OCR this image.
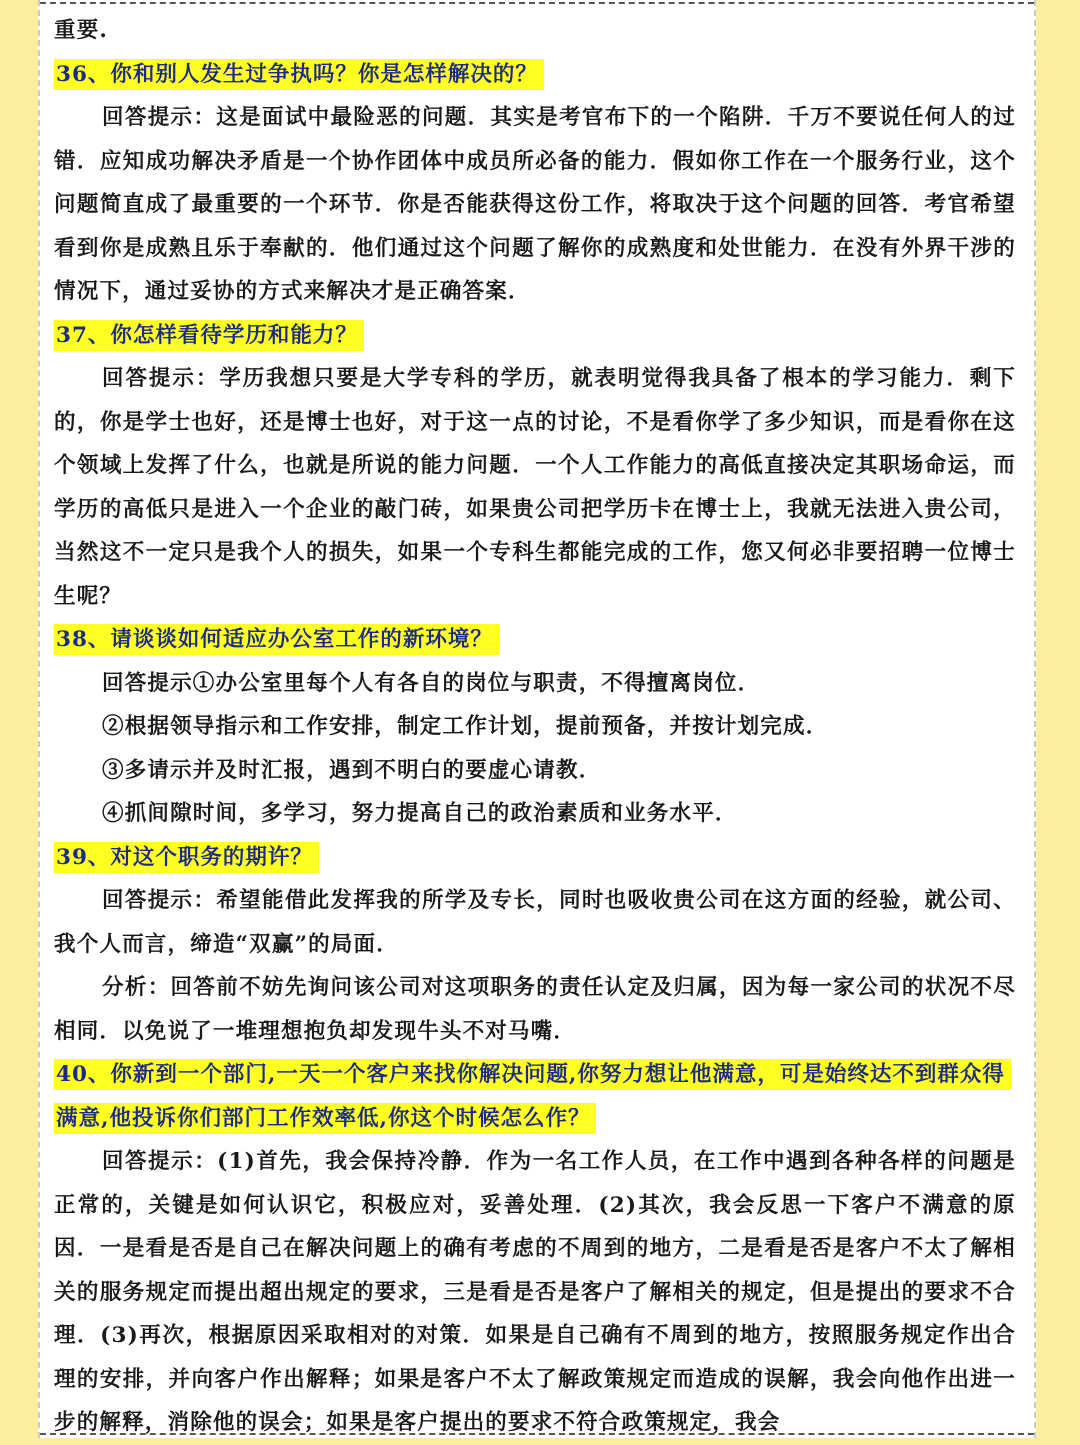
重要.

36、你和别人发生过争执吗？你是怎样解决的？

回答提示：这是面试中最险恶的问题．其实是考官布下的一个陷阱．千万不要说任何人的过错．应知成功解决矛盾是一个协作团体中成员所必备的能力．假如你工作在一个服务行业，这个问题简直成了最重要的一个环节．你是否能获得这份工作，将取决于这个问题的回答．考官希望看到你是成熟且乐于奉献的．他们通过这个问题了解你的成熟度和处世能力．在没有外界干涉的情况下，通过妥协的方式来解决才是正确答案．

37、你怎样看待学历和能力？

回答提示：学历我想只要是大学专科的学历，就表明觉得我具备了根本的学习能力．剩下的，你是学士也好，还是博士也好，对于这一点的讨论，不是看你学了多少知识，而是看你在这个领域上发挥了什么，也就是所说的能力问题．一个人工作能力的高低直接决定其职场命运，而学历的高低只是进入一个企业的敲门砖，如果贵公司把学历卡在博士上，我就无法进入贵公司，当然这不一定只是我个人的损失，如果一个专科生都能完成的工作，您又何必非要招聘一位博士生呢？

38、请谈谈如何适应办公室工作的新环境？

回答提示①办公室里每个人有各自的岗位与职责，不得擅离岗位．

②根据领导指示和工作安排，制定工作计划，提前预备，并按计划完成．

③多请示并及时汇报，遇到不明白的要虚心请教．

④抓间隙时间，多学习，努力提高自己的政治素质和业务水平．

39、对这个职务的期许？

回答提示：希望能借此发挥我的所学及专长，同时也吸收贵公司在这方面的经验，就公司、我个人而言，缔造“双赢”的局面．

分析：回答前不妨先询问该公司对这项职务的责任认定及归属，因为每一家公司的状况不尽相同．以免说了一堆理想抱负却发现牛头不对马嘴．

40、你新到一个部门,一天一个客户来找你解决问题,你努力想让他满意，可是始终达不到群众得满意,他投诉你们部门工作效率低,你这个时候怎么作？

回答提示：(1)首先，我会保持冷静．作为一名工作人员，在工作中遇到各种各样的问题是正常的，关键是如何认识它，积极应对，妥善处理．(2)其次，我会反思一下客户不满意的原因．一是看是否是自己在解决问题上的确有考虑的不周到的地方，二是看是否是客户不太了解相关的服务规定而提出超出规定的要求，三是看是否是客户了解相关的规定，但是提出的要求不合理．(3)再次，根据原因采取相对的对策．如果是自己确有不周到的地方，按照服务规定作出合理的安排，并向客户作出解释；如果是客户不太了解政策规定而造成的误解，我会向他作出进一步的解释，消除他的误会；如果是客户提出的要求不符合政策规定，我会
